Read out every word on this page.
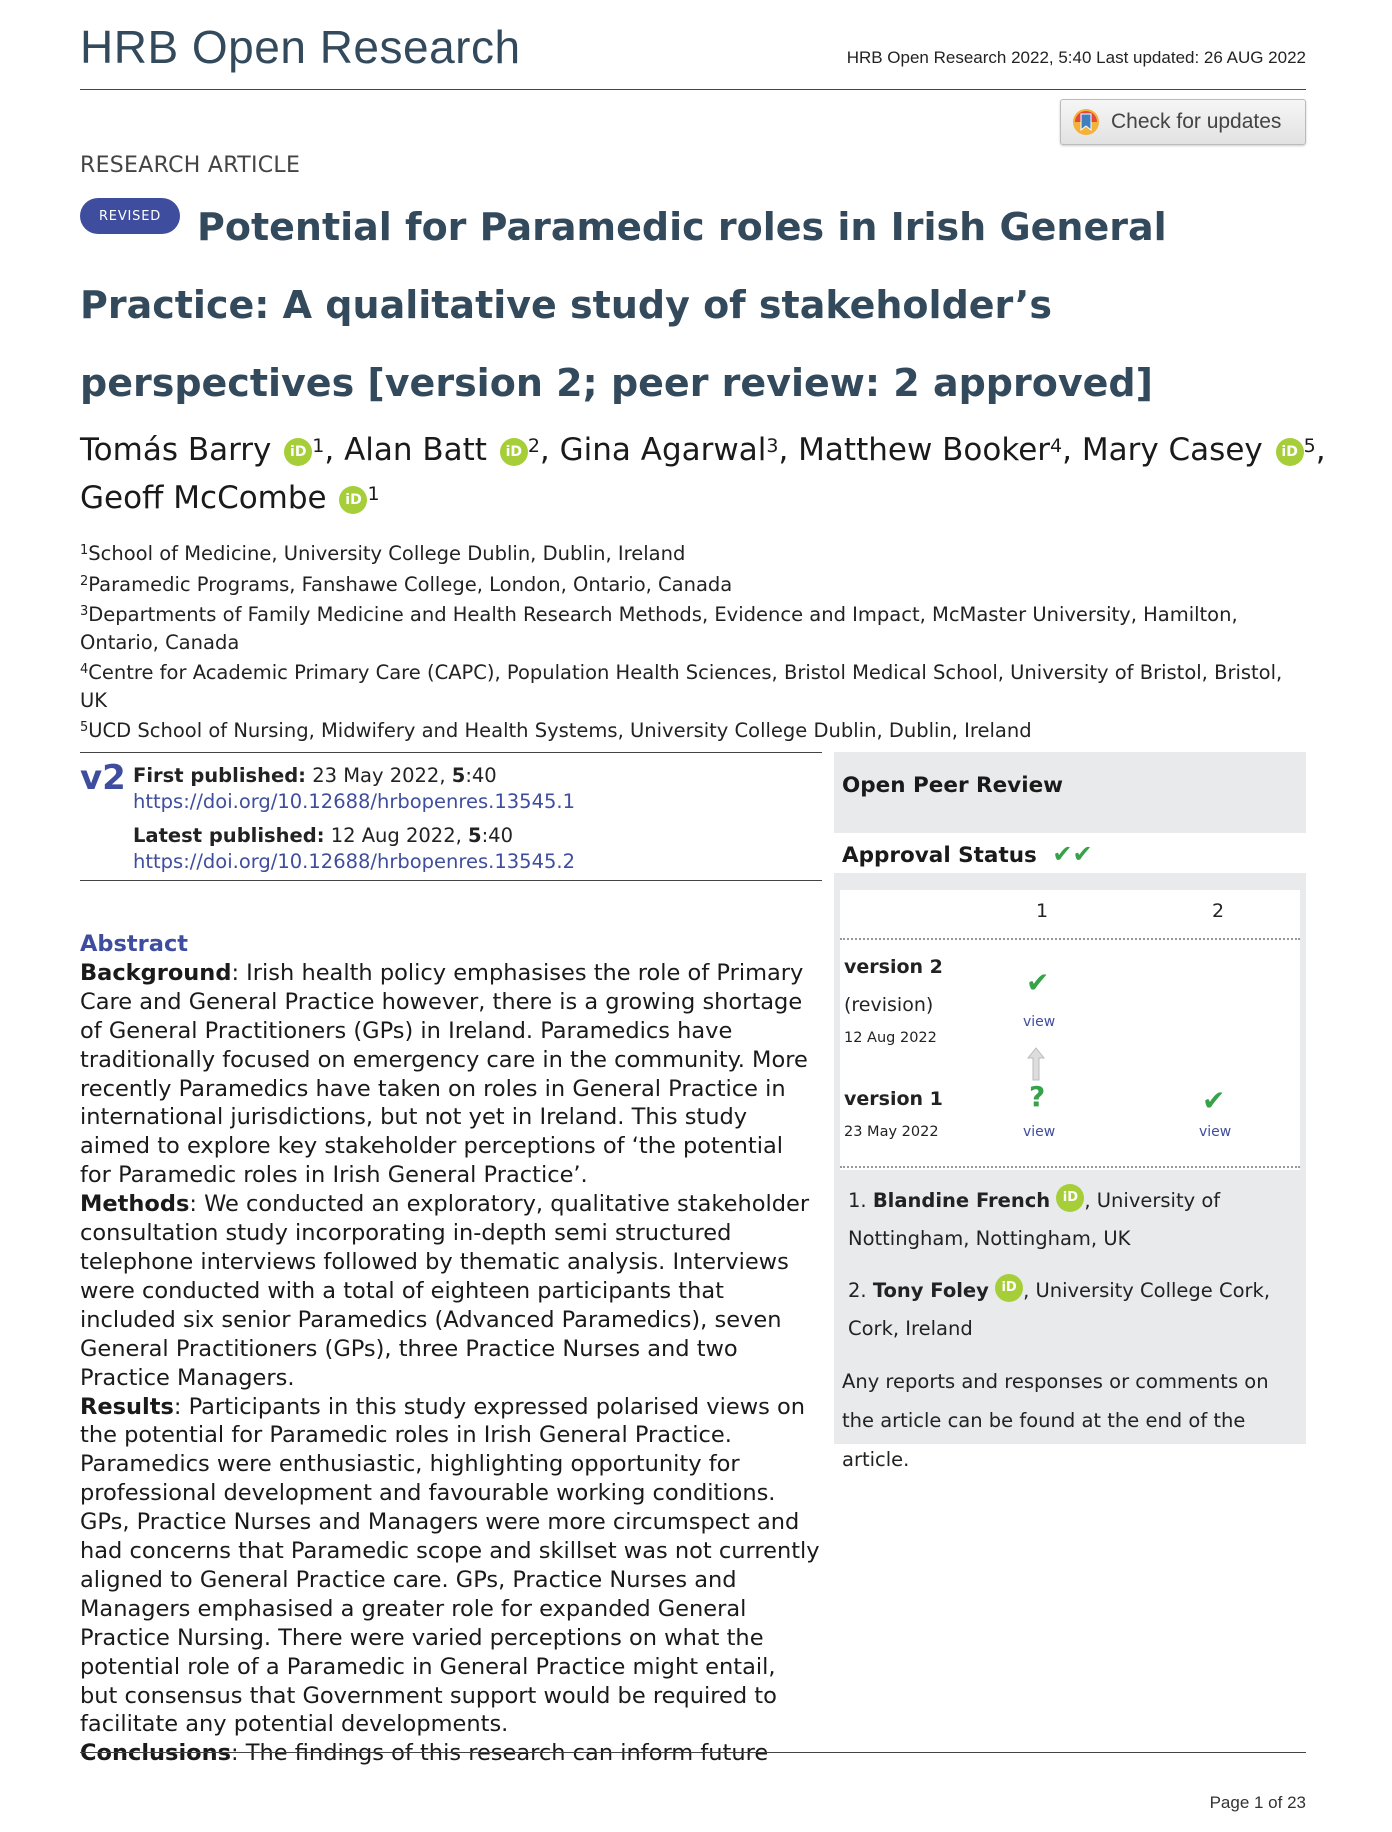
HRB Open Research	HRB Open Research 2022, 5:40 Last updated: 26 AUG 2022
Check for updates
RESEARCH ARTICLE
REVISED Potential for Paramedic roles in Irish General Practice: A qualitative study of stakeholder’s perspectives [version 2; peer review: 2 approved]
Tomás Barry iD $^1$, Alan Batt iD $^2$, Gina Agarwal$^3$, Matthew Booker$^4$, Mary Casey iD $^5$,
Geoff McCombe iD $^1$
$^1$School of Medicine, University College Dublin, Dublin, Ireland
$^2$Paramedic Programs, Fanshawe College, London, Ontario, Canada
$^3$Departments of Family Medicine and Health Research Methods, Evidence and Impact, McMaster University, Hamilton, Ontario, Canada
$^4$Centre for Academic Primary Care (CAPC), Population Health Sciences, Bristol Medical School, University of Bristol, Bristol, UK
$^5$UCD School of Nursing, Midwifery and Health Systems, University College Dublin, Dublin, Ireland
v2 First published: 23 May 2022, 5:40
https://doi.org/10.12688/hrbopenres.13545.1
Latest published: 12 Aug 2022, 5:40
https://doi.org/10.12688/hrbopenres.13545.2
Abstract
Background: Irish health policy emphasises the role of Primary Care and General Practice however, there is a growing shortage of General Practitioners (GPs) in Ireland. Paramedics have traditionally focused on emergency care in the community. More recently Paramedics have taken on roles in General Practice in international jurisdictions, but not yet in Ireland. This study aimed to explore key stakeholder perceptions of ‘the potential for Paramedic roles in Irish General Practice’.
Methods: We conducted an exploratory, qualitative stakeholder consultation study incorporating in-depth semi structured telephone interviews followed by thematic analysis. Interviews were conducted with a total of eighteen participants that included six senior Paramedics (Advanced Paramedics), seven General Practitioners (GPs), three Practice Nurses and two Practice Managers.
Results: Participants in this study expressed polarised views on the potential for Paramedic roles in Irish General Practice. Paramedics were enthusiastic, highlighting opportunity for professional development and favourable working conditions. GPs, Practice Nurses and Managers were more circumspect and had concerns that Paramedic scope and skillset was not currently aligned to General Practice care. GPs, Practice Nurses and Managers emphasised a greater role for expanded General Practice Nursing. There were varied perceptions on what the potential role of a Paramedic in General Practice might entail, but consensus that Government support would be required to facilitate any potential developments.
Conclusions: The findings of this research can inform future
Open Peer Review
Approval Status ✔✔
1	2
version 2
(revision)
12 Aug 2022
✔
view
version 1
23 May 2022
?
view
✔
view
1. Blandine French iD , University of Nottingham, Nottingham, UK
2. Tony Foley iD , University College Cork, Cork, Ireland
Any reports and responses or comments on the article can be found at the end of the article.
Page 1 of 23
